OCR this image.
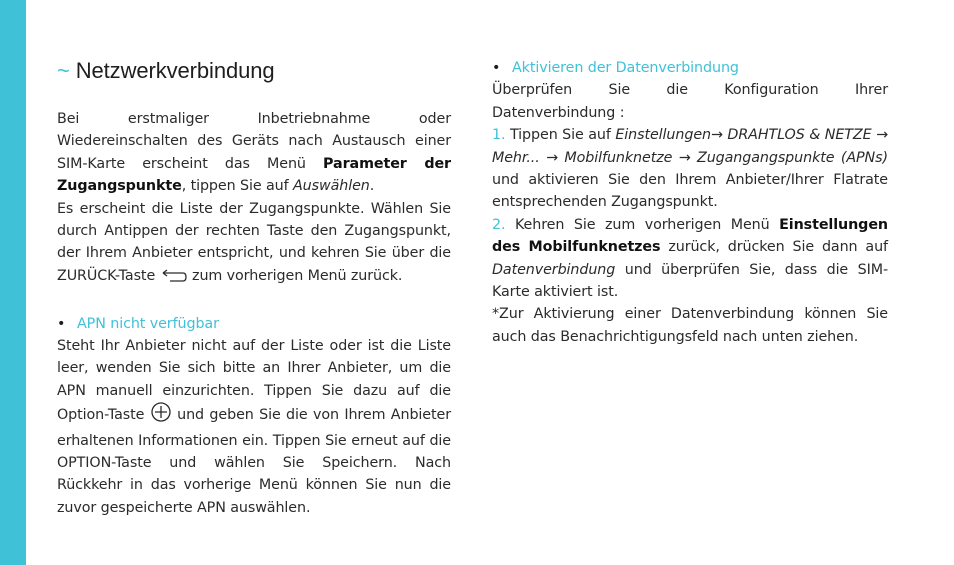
~ Netzwerkverbindung

Bei erstmaliger Inbetriebnahme oder Wiedereinschalten des Geräts nach Austausch einer SIM-Karte erscheint das Menü Parameter der Zugangspunkte, tippen Sie auf Auswählen.

Es erscheint die Liste der Zugangspunkte. Wählen Sie durch Antippen der rechten Taste den Zugangspunkt, der Ihrem Anbieter entspricht, und kehren Sie über die ZURÜCK-Taste  zum vorherigen Menü zurück.

• APN nicht verfügbar

Steht Ihr Anbieter nicht auf der Liste oder ist die Liste leer, wenden Sie sich bitte an Ihrer Anbieter, um die APN manuell einzurichten. Tippen Sie dazu auf die Option-Taste  und geben Sie die von Ihrem Anbieter erhaltenen Informationen ein. Tippen Sie erneut auf die OPTION-Taste und wählen Sie Speichern. Nach Rückkehr in das vorherige Menü können Sie nun die zuvor gespeicherte APN auswählen.

• Aktivieren der Datenverbindung

Überprüfen Sie die Konfiguration Ihrer Datenverbindung :

1. Tippen Sie auf Einstellungen→ DRAHTLOS & NETZE → Mehr... → Mobilfunknetze → Zugangangspunkte (APNs) und aktivieren Sie den Ihrem Anbieter/Ihrer Flatrate entsprechenden Zugangspunkt.

2. Kehren Sie zum vorherigen Menü Einstellungen des Mobilfunknetzes zurück, drücken Sie dann auf Datenverbindung und überprüfen Sie, dass die SIM-Karte aktiviert ist.

*Zur Aktivierung einer Datenverbindung können Sie auch das Benachrichtigungsfeld nach unten ziehen.
